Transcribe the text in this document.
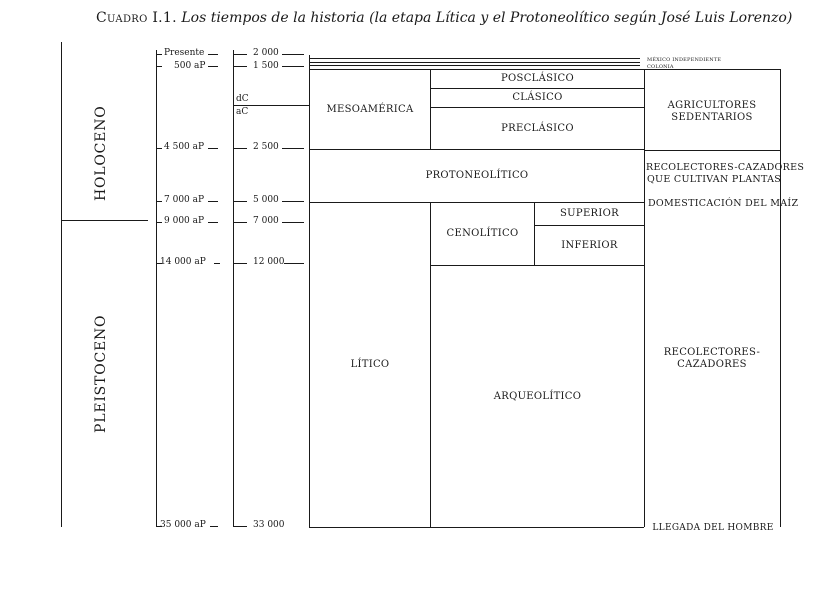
Cuadro I.1. Los tiempos de la historia (la etapa Lítica y el Protoneolítico según José Luis Lorenzo)
HOLOCENO
PLEISTOCENO
Presente
500 aP
4 500 aP
7 000 aP
9 000 aP
14 000 aP
35 000 aP
2 000
1 500
dC
aC
2 500
5 000
7 000
12 000
33 000
MÉXICO INDEPENDIENTE
COLONIA
MESOAMÉRICA
POSCLÁSICO
CLÁSICO
PRECLÁSICO
PROTONEOLÍTICO
LÍTICO
CENOLÍTICO
SUPERIOR
INFERIOR
ARQUEOLÍTICO
AGRICULTORES
SEDENTARIOS
RECOLECTORES-CAZADORES
QUE CULTIVAN PLANTAS
DOMESTICACIÓN DEL MAÍZ
RECOLECTORES-
CAZADORES
LLEGADA DEL HOMBRE
